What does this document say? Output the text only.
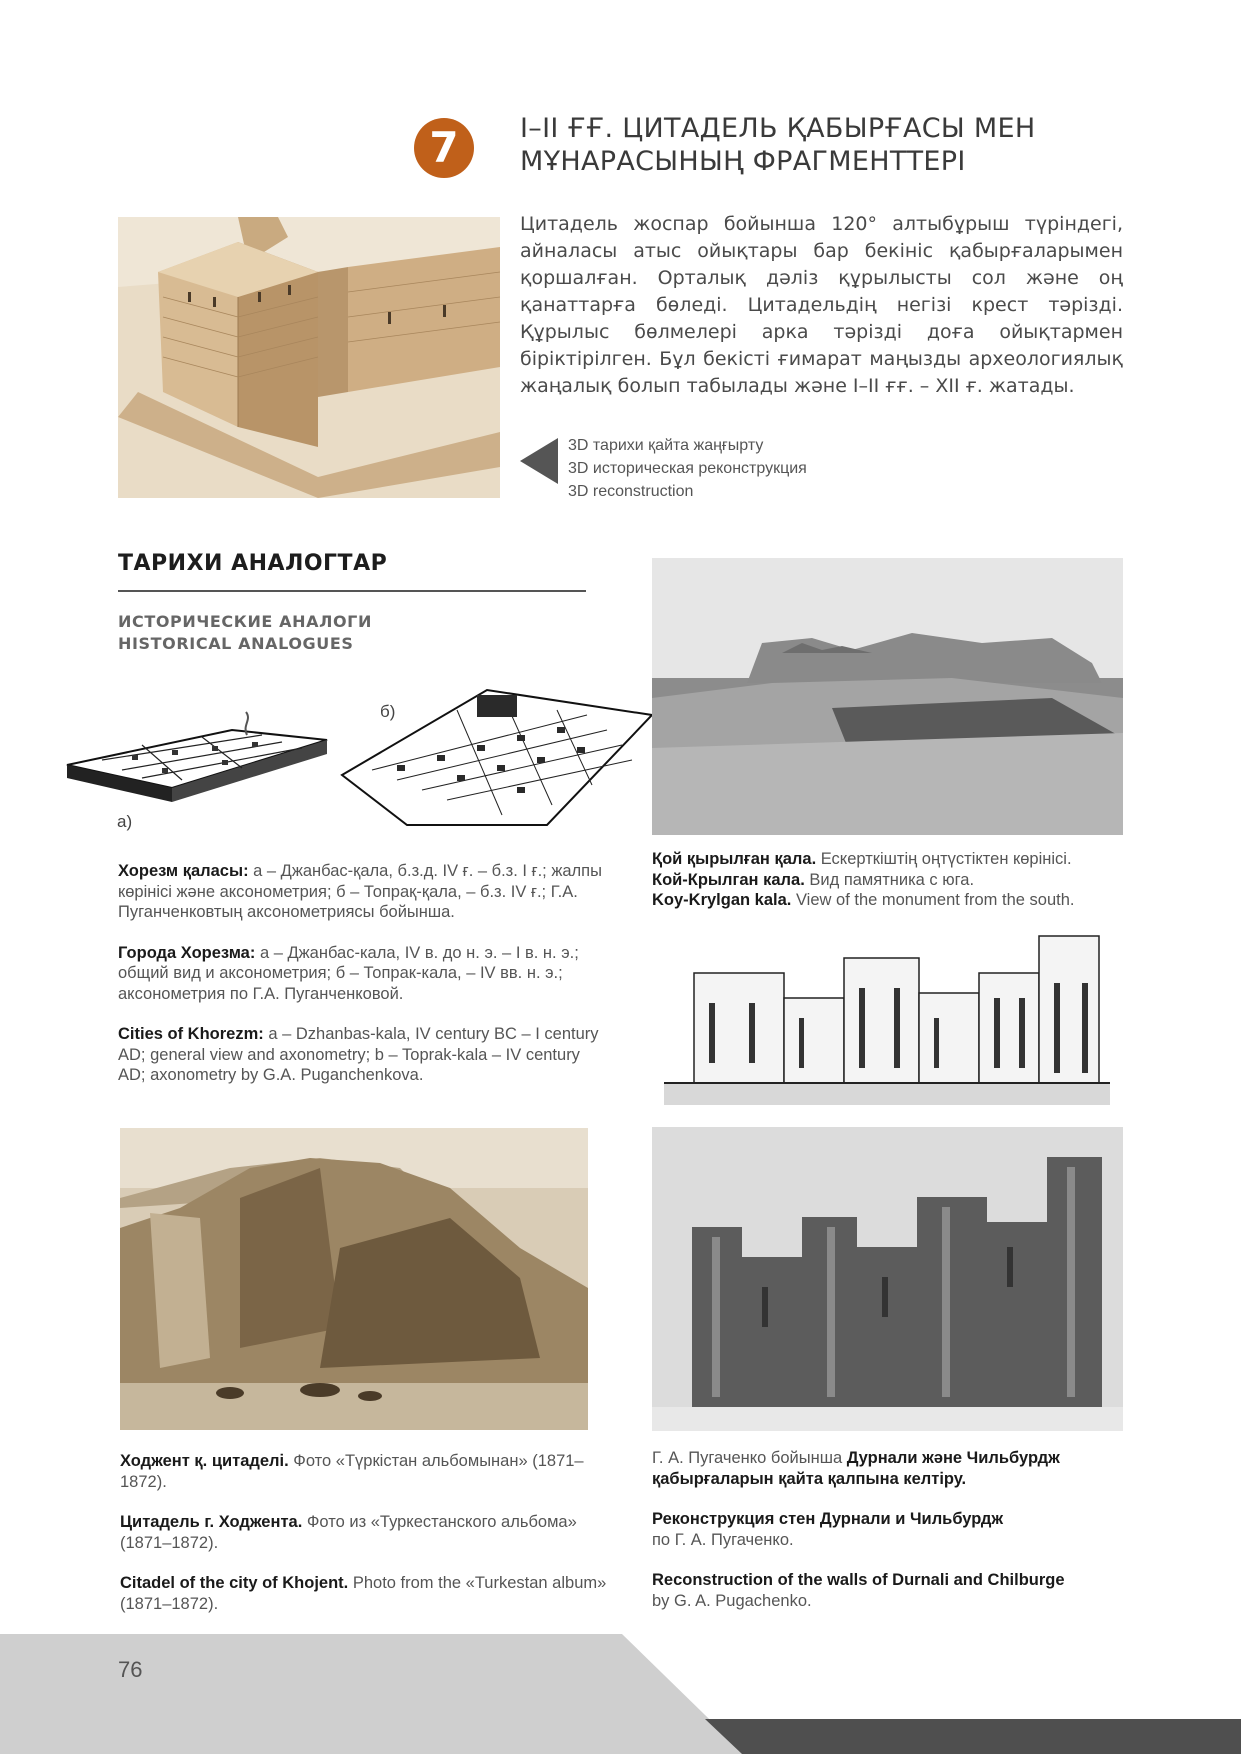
7	I–II ҒҒ. ЦИТАДЕЛЬ ҚАБЫРҒАСЫ МЕН
МҰНАРАСЫНЫҢ ФРАГМЕНТТЕРІ

Цитадель жоспар бойынша 120° алтыбұрыш түріндегі, айналасы атыс ойықтары бар бекініс қабырғаларымен қоршалған. Орталық дәліз құрылысты сол және оң қанаттарға бөледі. Цитадельдің негізі крест тәрізді. Құрылыс бөлмелері арка тәрізді доға ойықтармен біріктірілген. Бұл бекісті ғимарат маңызды археологиялық жаңалық болып табылады және I–II ғғ. – XII ғ. жатады.

3D тарихи қайта жаңғырту
3D историческая реконструкция
3D reconstruction
ТАРИХИ АНАЛОГТАР
ИСТОРИЧЕСКИЕ АНАЛОГИ
HISTORICAL ANALOGUES
а)
б)

Хорезм қаласы: а – Джанбас-қала, б.з.д. IV ғ. – б.з. I ғ.; жалпы көрінісі және аксонометрия; б – Топрақ-қала, – б.з. IV ғ.; Г.А. Пуганченковтың аксонометриясы бойынша.

Города Хорезма: а – Джанбас-кала, IV в. до н. э. – I в. н. э.; общий вид и аксонометрия; б – Топрак-кала, – IV вв. н. э.; аксонометрия по Г.А. Пуганченковой.

Cities of Khorezm: a – Dzhanbas-kala, IV century BC – I century AD; general view and axonometry; b – Toprak-kala – IV century AD; axonometry by G.A. Puganchenkova.

Қой қырылған қала. Ескерткіштің оңтүстіктен көрінісі.
Кой-Крылган кала. Вид памятника с юга.
Koy-Krylgan kala. View of the monument from the south.

Ходжент қ. цитаделі. Фото «Түркістан альбомынан» (1871–1872).

Цитадель г. Ходжента. Фото из «Туркестанского альбома» (1871–1872).

Citadel of the city of Khojent. Photo from the «Turkestan album» (1871–1872).

Г. А. Пугаченко бойынша Дурнали және Чильбурдж қабырғаларын қайта қалпына келтіру.

Реконструкция стен Дурнали и Чильбурдж
по Г. А. Пугаченко.

Reconstruction of the walls of Durnali and Chilburge
by G. A. Pugachenko.

76
